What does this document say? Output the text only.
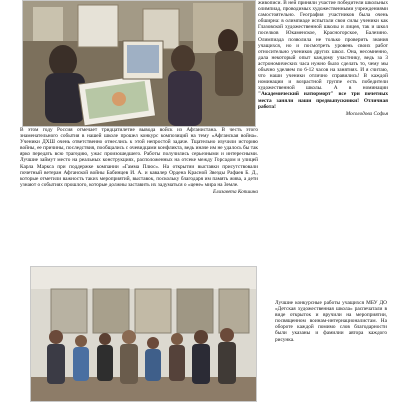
В этом году Россия отмечает тридцатилетие вывода войск из Афганистана. В честь этого знаменательного события в нашей школе прошел конкурс композиций на тему «Афганская война». Ученики ДХШ очень ответственно отнеслись к этой непростой задаче. Тщательно изучили историю войны, ее причины, последствия, пообщались с очевидцами конфликта, ведь иначе им не удалось бы так ярко передать всю трагедию, ужас произошедшего. Работы получились серьезными и интересными. Лучшие займут место на реальных конструкциях, расположенных на отсеке между Горсадом и улицей Карла Маркса при поддержке компании «Гамма Плюс». На открытии выставки присутствовали почетный ветеран Афганской войны Бабинцев И. А. и кавалер Ордена Красной Звезды Рафаев Б. Д., которые отметили важность таких мероприятий, выставок, поскольку благодаря им память жива, а дети узнают о событиях прошлого, которые должны заставить их задуматься о «цене» мира на Земле.
Елизавета Копшина
живописи. В ней приняли участие победители школьных олимпиад, проводимых художественными учреждениями самостоятельно. География участников была очень обширна: в олимпиаде испытали свои силы ученики как Глазовской художественной школы и лицея, так и школ поселков Юкаменское, Красногорское, Балезино. Олимпиада позволила не только проверить знания учащихся, но и посмотреть уровень своих работ относительно учеников других школ. Она, несомненно, дала некоторый опыт каждому участнику, ведь за 3 астрономических часа нужно было сделать то, чему мы обычно уделяем по 6-12 часов на занятиях. И я считаю, что наши ученики отлично справились! В каждой номинации и возрастной группе есть победители художественной школы. А в номинации "Академический натюрморт" все три почетных места заняли наши предвыпускники! Отличная работа!
Мосолодова Софья
Лучшие конкурсные работы учащихся МБУ ДО «Детская художественная школа» распечатали в виде открыток и вручили на мероприятии, посвященном воинам-интернационалистам. На обороте каждой помимо слов благодарности были указаны и фамилии автора каждого рисунка.
